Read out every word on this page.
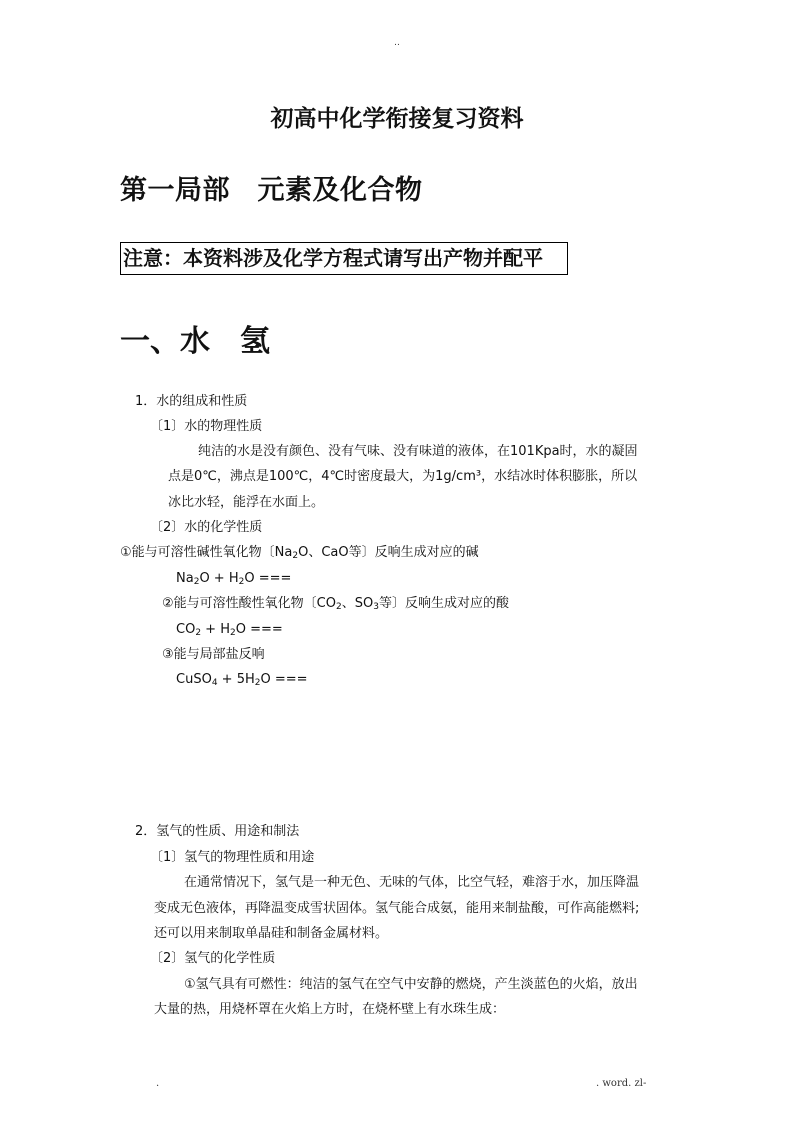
..
初高中化学衔接复习资料
第一局部　元素及化合物
注意：本资料涉及化学方程式请写出产物并配平
一、水　氢
1．水的组成和性质
〔1〕水的物理性质
纯洁的水是没有颜色、没有气味、没有味道的液体，在101Kpa时，水的凝固
点是0℃，沸点是100℃，4℃时密度最大，为1g/cm³，水结冰时体积膨胀，所以
冰比水轻，能浮在水面上。
〔2〕水的化学性质
①能与可溶性碱性氧化物〔$Na_2O$、CaO等〕反响生成对应的碱
$Na_2O + H_2O$ ===
②能与可溶性酸性氧化物〔$CO_2$、$SO_3$等〕反响生成对应的酸
$CO_2 + H_2O$ ===
③能与局部盐反响
CuSO$_4$ + $5H_2O$ ===
2．氢气的性质、用途和制法
〔1〕氢气的物理性质和用途
在通常情况下，氢气是一种无色、无味的气体，比空气轻，难溶于水，加压降温
变成无色液体，再降温变成雪状固体。氢气能合成氨，能用来制盐酸，可作高能燃料;
还可以用来制取单晶硅和制备金属材料。
〔2〕氢气的化学性质
①氢气具有可燃性：纯洁的氢气在空气中安静的燃烧，产生淡蓝色的火焰，放出
大量的热，用烧杯罩在火焰上方时，在烧杯壁上有水珠生成：
.	. word. zl-
